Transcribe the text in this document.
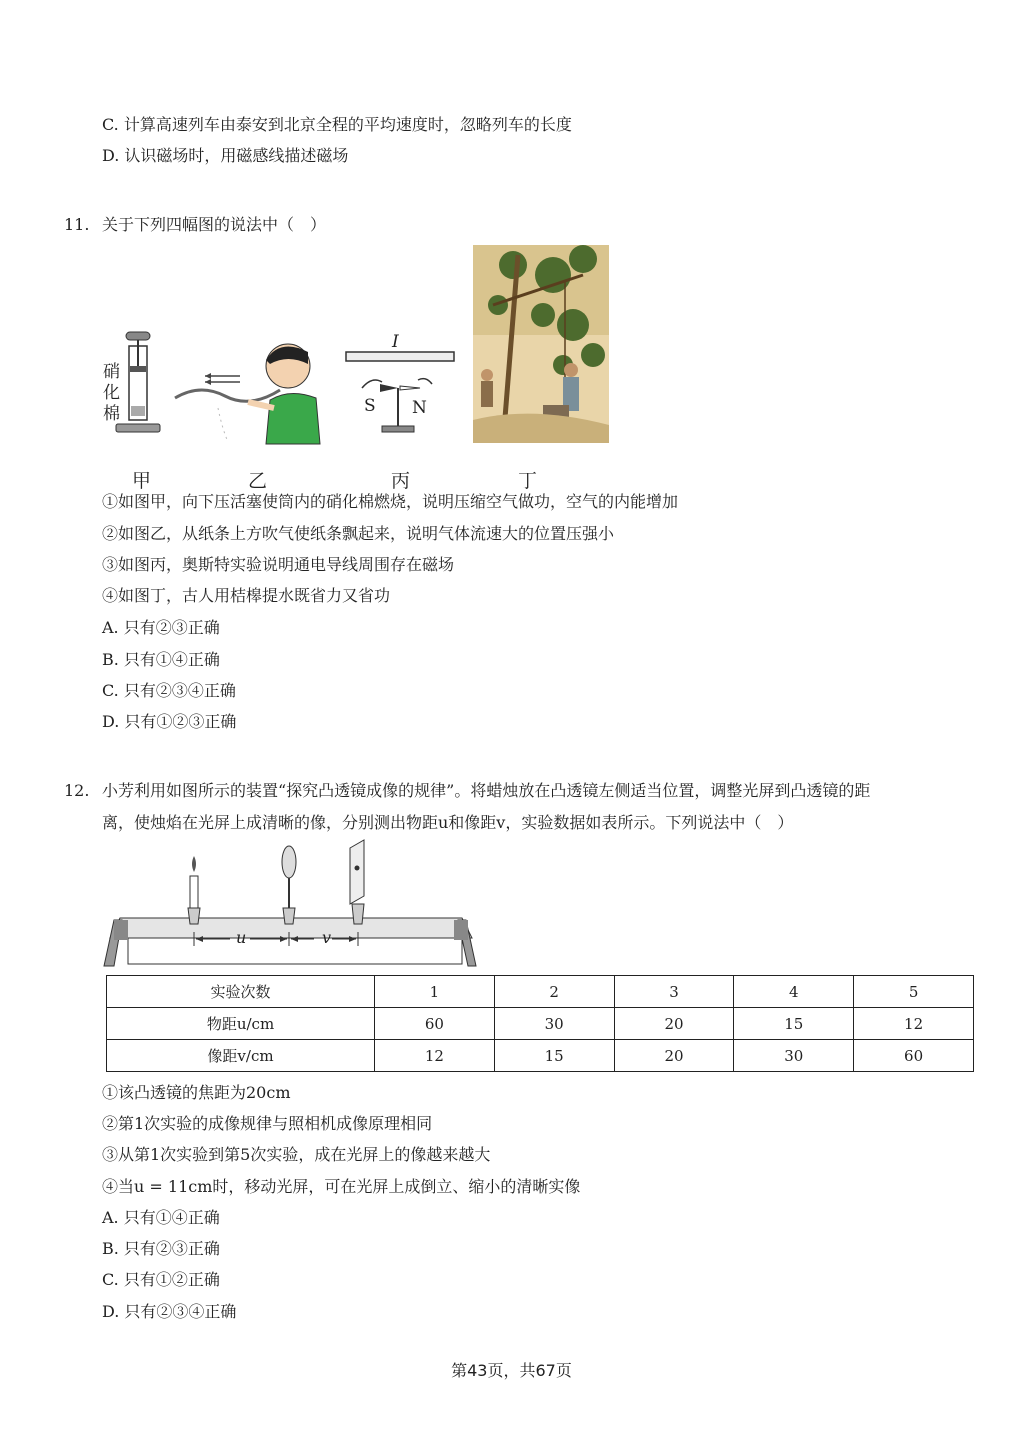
C. 计算高速列车由泰安到北京全程的平均速度时，忽略列车的长度
D. 认识磁场时，用磁感线描述磁场
11. 关于下列四幅图的说法中（　）
硝
化
棉
I
S N
甲	乙	丙	丁
①如图甲，向下压活塞使筒内的硝化棉燃烧，说明压缩空气做功，空气的内能增加
②如图乙，从纸条上方吹气使纸条飘起来，说明气体流速大的位置压强小
③如图丙，奥斯特实验说明通电导线周围存在磁场
④如图丁，古人用桔槔提水既省力又省功
A. 只有②③正确
B. 只有①④正确
C. 只有②③④正确
D. 只有①②③正确
12. 小芳利用如图所示的装置“探究凸透镜成像的规律”。将蜡烛放在凸透镜左侧适当位置，调整光屏到凸透镜的距
离，使烛焰在光屏上成清晰的像，分别测出物距u和像距v，实验数据如表所示。下列说法中（　）
u	v
实验次数	1	2	3	4	5
物距u/cm	60	30	20	15	12
像距v/cm	12	15	20	30	60
①该凸透镜的焦距为20cm
②第1次实验的成像规律与照相机成像原理相同
③从第1次实验到第5次实验，成在光屏上的像越来越大
④当u = 11cm时，移动光屏，可在光屏上成倒立、缩小的清晰实像
A. 只有①④正确
B. 只有②③正确
C. 只有①②正确
D. 只有②③④正确
第43页，共67页
